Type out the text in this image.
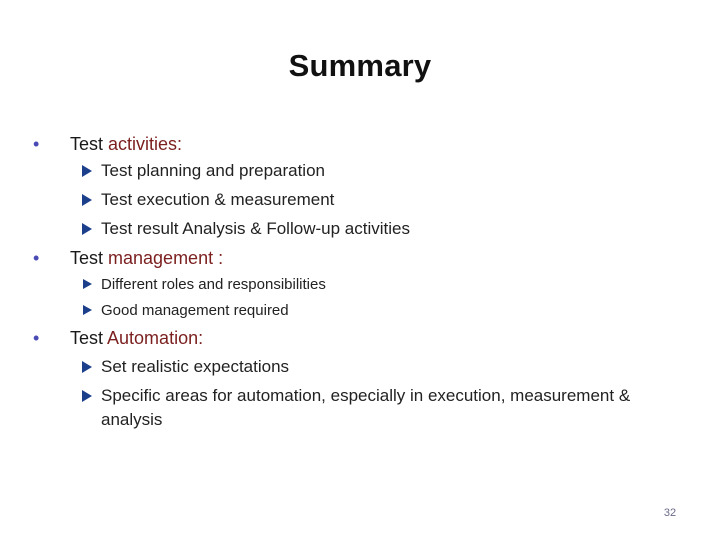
Summary
• Test activities:
Test planning and preparation
Test execution & measurement
Test result Analysis & Follow-up activities
• Test management :
Different roles and responsibilities
Good management required
• Test Automation:
Set realistic expectations
Specific areas for automation, especially in execution, measurement &
analysis
32
